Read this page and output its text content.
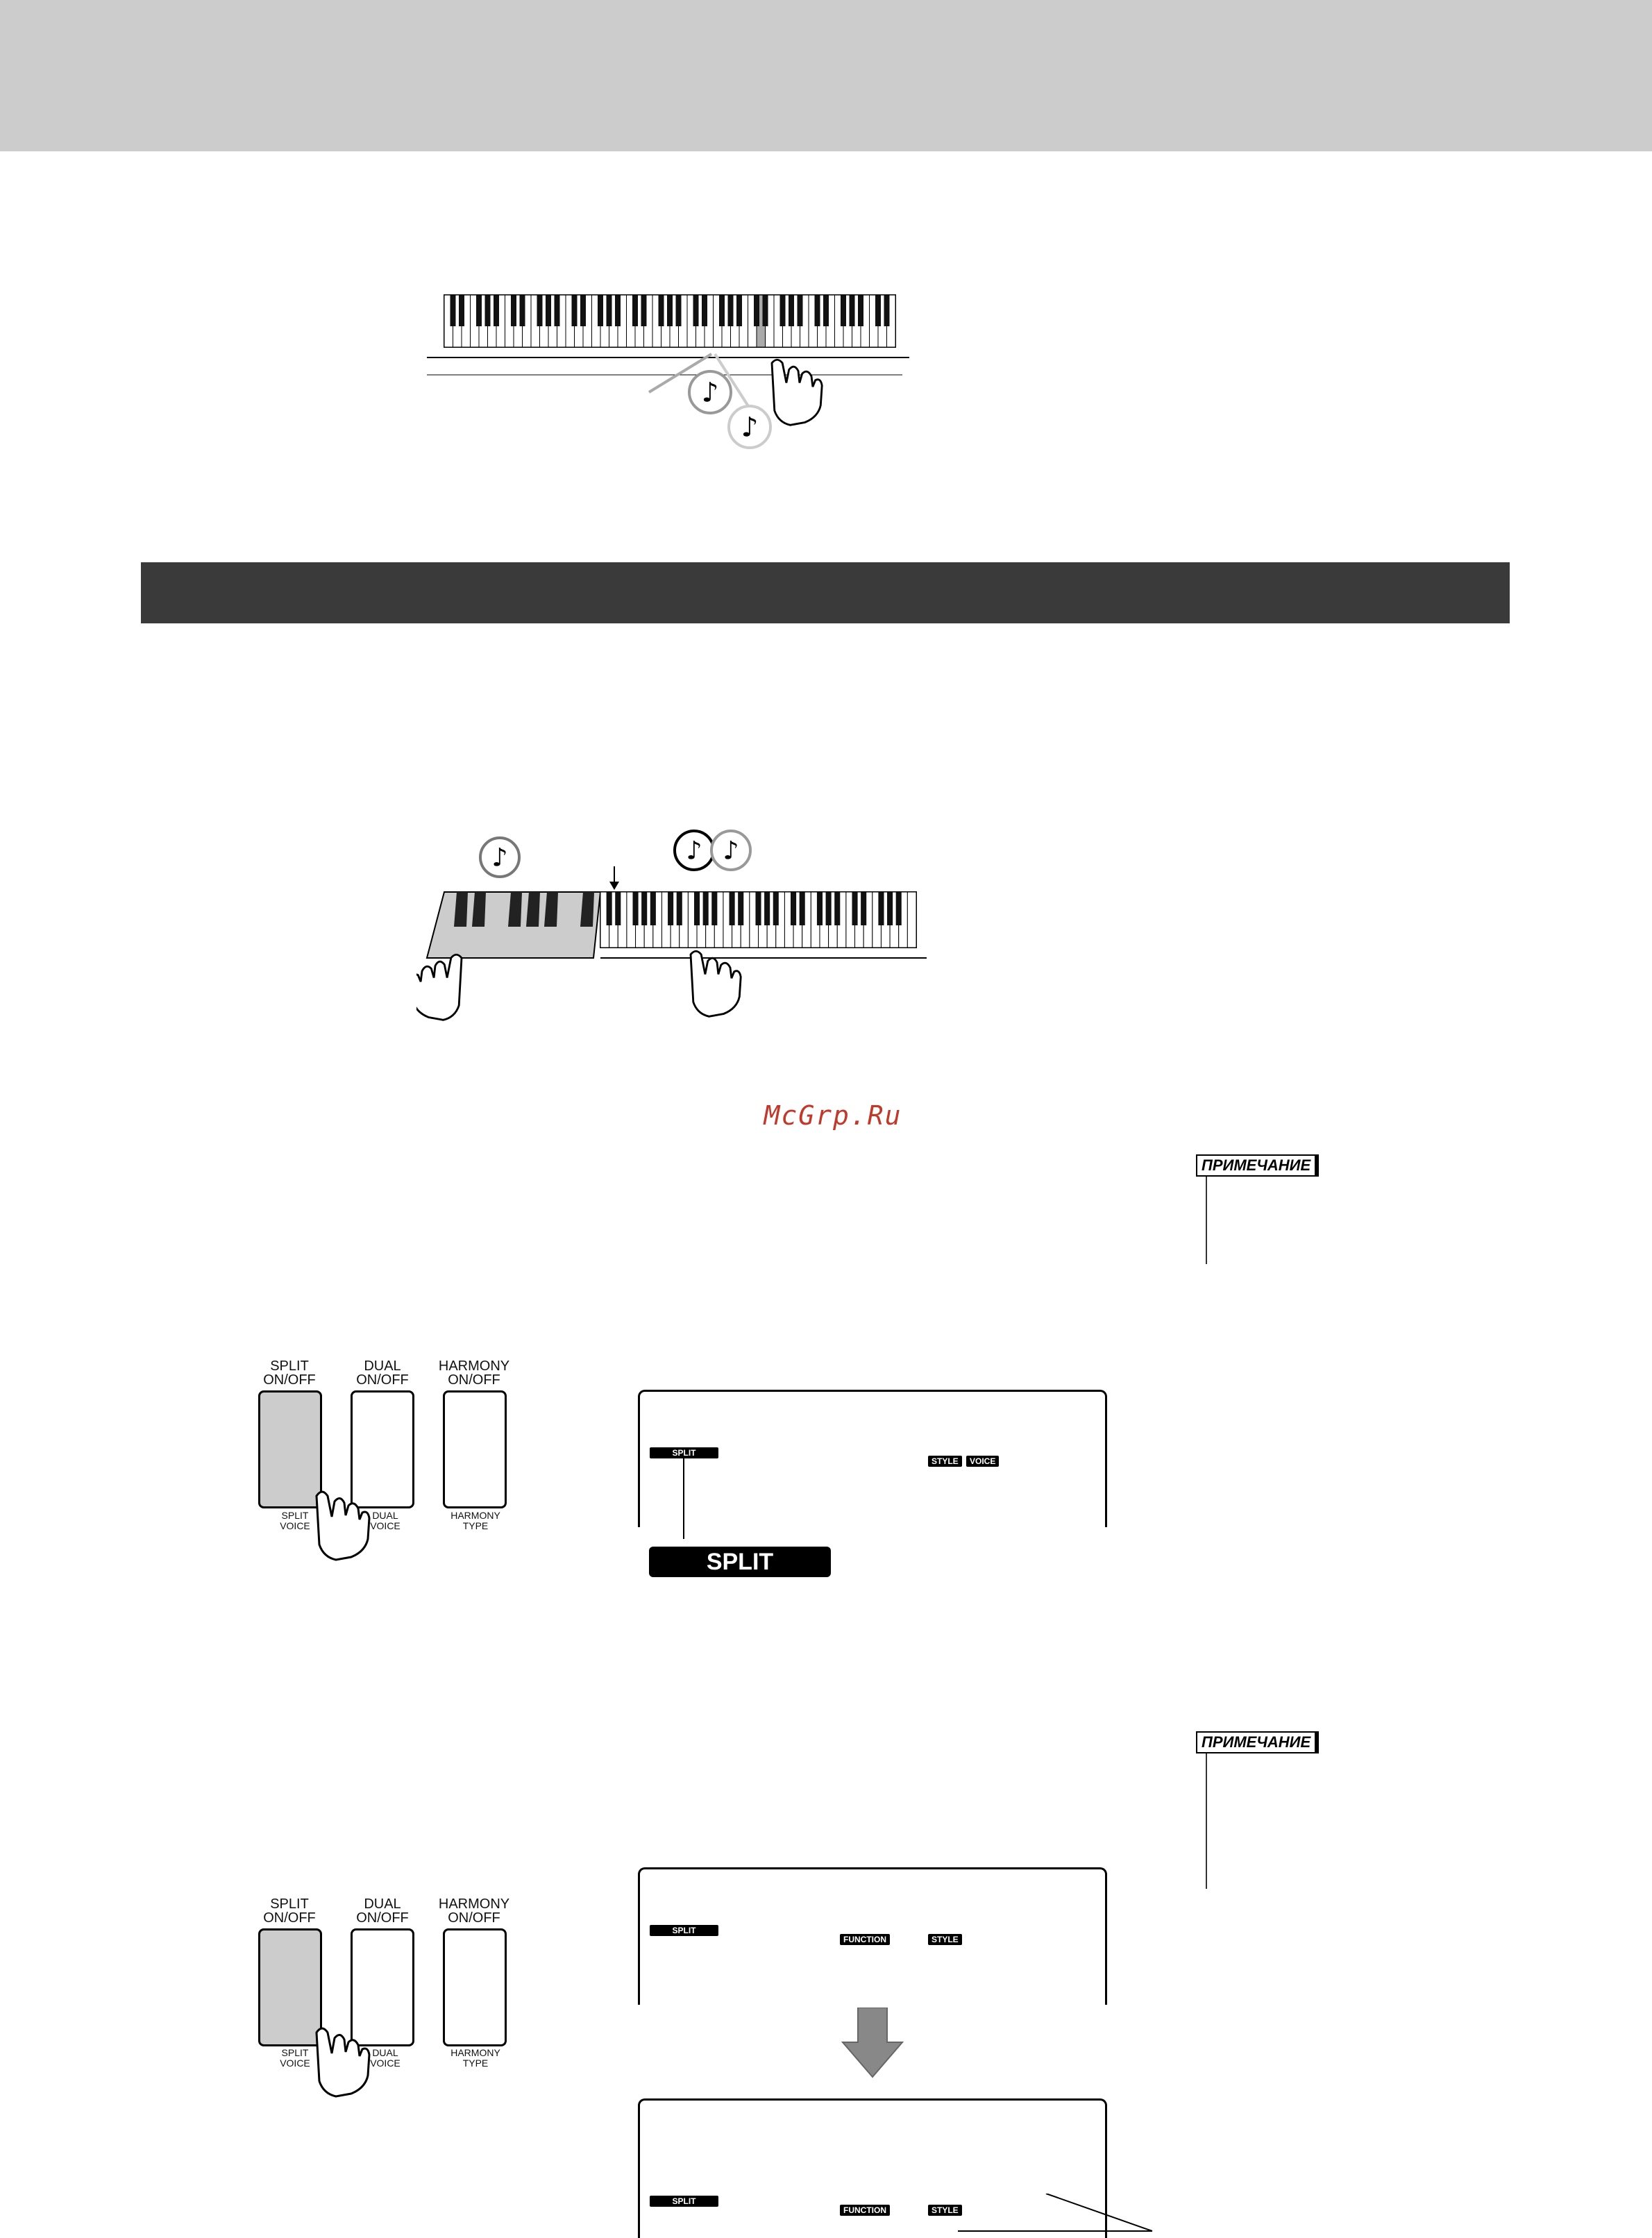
♪
♪
♪	♪ ♪
McGrp.Ru
ПРИМЕЧАНИЕ
ПРИМЕЧАНИЕ
SPLIT
ON/OFF
DUAL
ON/OFF
HARMONY
ON/OFF
SPLIT
VOICE
DUAL
VOICE
HARMONY
TYPE
SPLIT
STYLE	VOICE
SPLIT
SPLIT
ON/OFF
DUAL
ON/OFF
HARMONY
ON/OFF
SPLIT
VOICE
DUAL
VOICE
HARMONY
TYPE
SPLIT
FUNCTION	STYLE
SPLIT
FUNCTION	STYLE
